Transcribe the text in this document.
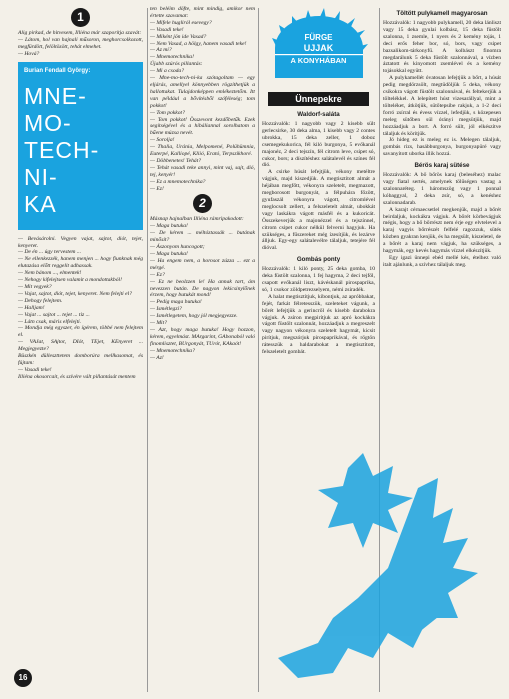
1

Alig pirkad, de hitvesem, Illiéna már szaporítja szavát:

— Látom, hol van hajnali műsoron, meghorcsolkozott, megfürdött, felöltözött, tehát elmehet.

— Hová?

Burian Fendall György:
MNE-
MO-
TECH-
NI-
KA

— Bevásárolni. Vegyen vajat, sajtot, diót, tejet, kenyeret.

— De én ... úgy tervestem ...

— Ne ellenkezzék, hanem menjen ... hogy fiunknak még elutazása előtt reggelit adhassak.

— Nem bánom ..., elmentek!

— Nehogy kifelejtsen valamit a mondottakból!

— Mit vegyek?

— Vajat, sajtot, diót, tejet, kenyeret. Nem felejti el?

— Dehogy felejtem.

— Halljam!

— Vajat ... sajtot ... tejet ... tiz ...

— Látn csak, máris elfelejti.

— Mondja még egyszer, én ígérem, többé nem felejtem el.

— VAJat, SAjtot, DIót, TEjet, KEnyeret ... Megjegyezte?

Büszkén dülleszttetem domborúra mellkasomat, és fújtam:

— Vasadi teke!

Illiéna okosorcait, és szívére vált pillantását mentem

ten beléim döfte, mint mindig, amikor nem értette szavamat:

— Mifele hugliról esevegy?

— Vasadi teke!

— Miként jön ide Vasad?

— Nem Vasad, a hölgy, hanem vasadi teke!

— Az mi?

— Mnemotechnika!

Újabb szúrós pillantás:

— Mi a csoda?

— Mne-mo-tech-ni-ka szótagoltam — egy eljárás, amellyel könnyebben rögzíthetjük a hallottakat. Tulajdonképpen emlékeztetőm. Itt van például a bővítésből szóféleség; tom pokkot!

— Tom pokkot?

— Tom pokkot! Összevont kezdőbetűk. Ezek segítségével és a hibáliannal sorolhatom a bűene múzsa nevét.

— Sorolja!

— Thalia, Uránia, Melpomené, Polühümnia, Euterpé, Kalliopé, Kliió, Erató, Terpszikhoré.

— Döbbenetes! Tehát?

— Tehát vasadi teke annyi, mint vaj, sajt, dió, tej, kenyér!

— Ez a mnemotechnika?

— Ez!

2

Másnap hajnalban Illiéna rámripakodott:

— Maga butuka!

— De kérem ... méltóztassák ... butának minősít?

— Ászonyom huncogott;

— Maga butuka!

— Ha engem nem, a horosot zúzza ... ezt a mérgé.

— Ez?

— Ez ne beolzzen le! Ha annak tart, ám nevezzen bután. De nagyon lekicsinylőnek érzem, hogy butukát mond!

— Pedig maga butuka!

— Ismétlegzi?

— Ismétlegetem, hogy jól megjegyezze.

— Mit?

— Azt, hogy maga butuka! Hogy hozzon, kérem, egyelmást. MArgarint, GAbonaból való finomlisztet, BUrgonyát, TUrót, KAkaót!

— Mnemotechnika?

— Az!

FÜRGE
UJJAK
A KONYHÁBAN
Ünnepekre
Waldorf-saláta

Hozzávalók: 1 nagyobb vagy 2 kisebb sült gerlecsirke, 30 deka alma, 1 kisebb vagy 2 contes ubrokka, 15 deka zeller, 1 doboz csemegekukorica, fél kiló burgonya, 5 evőkanál majonéz, 2 deci tejszín, fél citrom leve, csipet só, cukor, bors; a díszítéshez salátalevél és színes fél dió.

A csirke húsát lefejtjük, vékony metéltre vágjuk, majd kiszedjük. A megtisztított almát a héjában megfőtt, vékonyra szeletelt, megmazott, megborosott burgonyát, a félpuhára főzött, gyufaszál vékonyra vágott, citromlével meglocsolt zellert, a felszeletelt almát, ubokkát vagy laskákra vágott másfél és a kukoricát. Összekeverjük a majonézzel és a tejszínnel, citrom csipet cukor nélkül felverni hagyjuk. Ha szükséges, a fűszereket még ízesítjük, és lezárve álljuk. Egy-egy salátalevélre tálaljuk, tetejére fél dióval.

Gombás ponty

Hozzávalók: 1 kiló ponty, 25 deka gomba, 10 deka füstölt szalonna, 1 fej hagyma, 2 deci tejföl, csapott evőkanál liszt, kávéskanál pirospaprika, só, 1 csokor zöldpetrezselyem, némi zsiradék.

A halat megtisztítjuk, kibontjuk, az apróbbakat, fejét, farkát félretesszük, szeleteket vágunk, a bőrét lefejtjük a gerincről és kisebb darabokra vágjuk. A zsíron megpirítjuk az apró kockákra vágott füstölt szalonnát, hozzáadjuk a megreszelt vagy nagyon vékonyra szeletelt hagymát, kicsit pirítjuk, megszórjuk pirospaprikával, és rögtön rátesszük a haldarabokat a megtisztított, felszeletelt gombát.

Töltött pulykamell magyarosan

Hozzávalók: 1 nagyobb pulykamell, 20 deka lánliszt vagy 15 deka gyulai kolbász, 15 deka füstölt szalonna, 1 zsemle, 1 nyers és 2 kemény tojás, 1 deci erős feher bor, só, bors, vagy csipet bazsalikom-tárkonyfű. A kolbászt finomra megdarálunk 5 deka füstölt szalonnával, a vízben áztatott és kinyomott zsemlével és a kemény tojásokkal együtt.

A pulykamellét óvatosan lefejtjük a bőrt, a húsát pedig megdörzsölt, megtüdöljük 5 deka, vékony csíkokra vágott füstölt szalonnával, és feltekerjük a töltelékkel. A lelepített húst vizesarállyal, mint a tölteléket, átkötjük, sütőtepsibe rakjuk, a 1-2 deci forró zsírral és évess vízzel, lefedjük, s közepesen meleg sütőben sül órányi megsütjük, majd hozzáadjuk a bort. A forró sült, jól elkészítve tálaljuk és körítjük.

Jó hideg ez is meleg ez is. Melegen tálaljuk, gombás rizs, hasábburgonya, burgonyapüré vagy savanyított uborka illik hozzá.

Bérös karaj sütése

Hozzávalók: A bő bőrös karaj (beleséhez) malac vagy fiatal sertés, amelynek tölűségen vastag a szalonnaréteg. 1 háromszög vagy 1 ponnal kóbaggyal, 2 deka zsír, só, a kenéshez szalonnadarab.

A karajt cérnaecsetlel megkenjük, majd a bőrét beirdaljuk, kockákra vágjuk. A bőrét körbevágjuk mégis, hogy a bő bőrrészt nem érje egy elvtelevel a karaj vagyis bőrrészét felfelé ragozzuk, sütés közben gyakran kenjük, és ha megsült, kiszeletel, de a bőrét a karaj nem vágjuk, ha szükséges, a hagymák, egy kevés hagymás vízzel elkészítjük.

Egy igazi ünnepi ebéd mellé kés, ételhez való italt ajánlunk, a szívhez tálaljuk meg.

16
